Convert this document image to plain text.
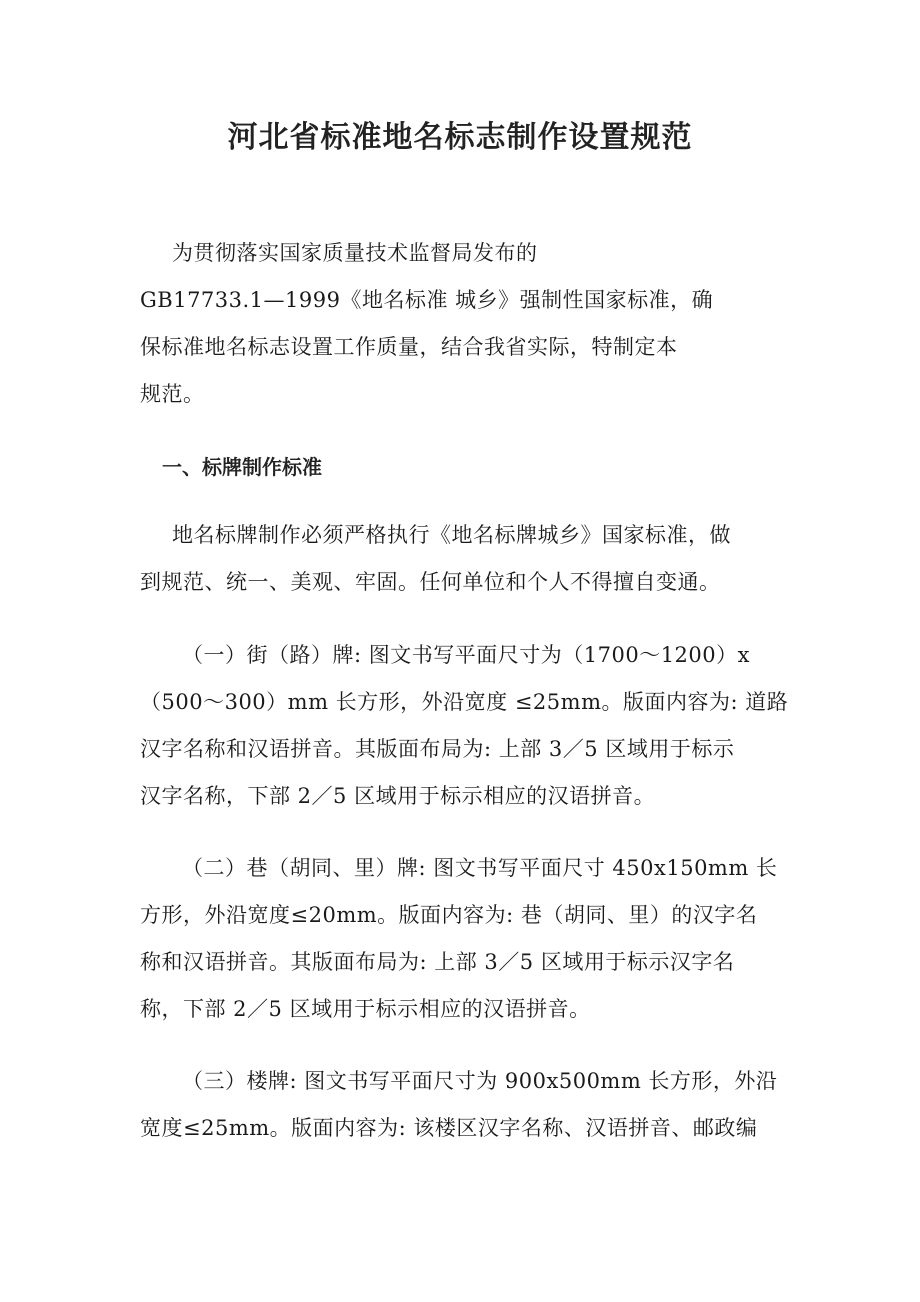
河北省标准地名标志制作设置规范

为贯彻落实国家质量技术监督局发布的
GB17733.1—1999《地名标准 城乡》强制性国家标准，确
保标准地名标志设置工作质量，结合我省实际，特制定本
规范。

一、标牌制作标准

地名标牌制作必须严格执行《地名标牌城乡》国家标准，做
到规范、统一、美观、牢固。任何单位和个人不得擅自变通。

（一）街（路）牌: 图文书写平面尺寸为（1700～1200）x
（500～300）mm 长方形，外沿宽度 ≤25mm。版面内容为: 道路
汉字名称和汉语拼音。其版面布局为: 上部 3／5 区域用于标示
汉字名称，下部 2／5 区域用于标示相应的汉语拼音。

（二）巷（胡同、里）牌: 图文书写平面尺寸 450x150mm 长
方形，外沿宽度≤20mm。版面内容为: 巷（胡同、里）的汉字名
称和汉语拼音。其版面布局为: 上部 3／5 区域用于标示汉字名
称，下部 2／5 区域用于标示相应的汉语拼音。

（三）楼牌: 图文书写平面尺寸为 900x500mm 长方形，外沿
宽度≤25mm。版面内容为: 该楼区汉字名称、汉语拼音、邮政编
